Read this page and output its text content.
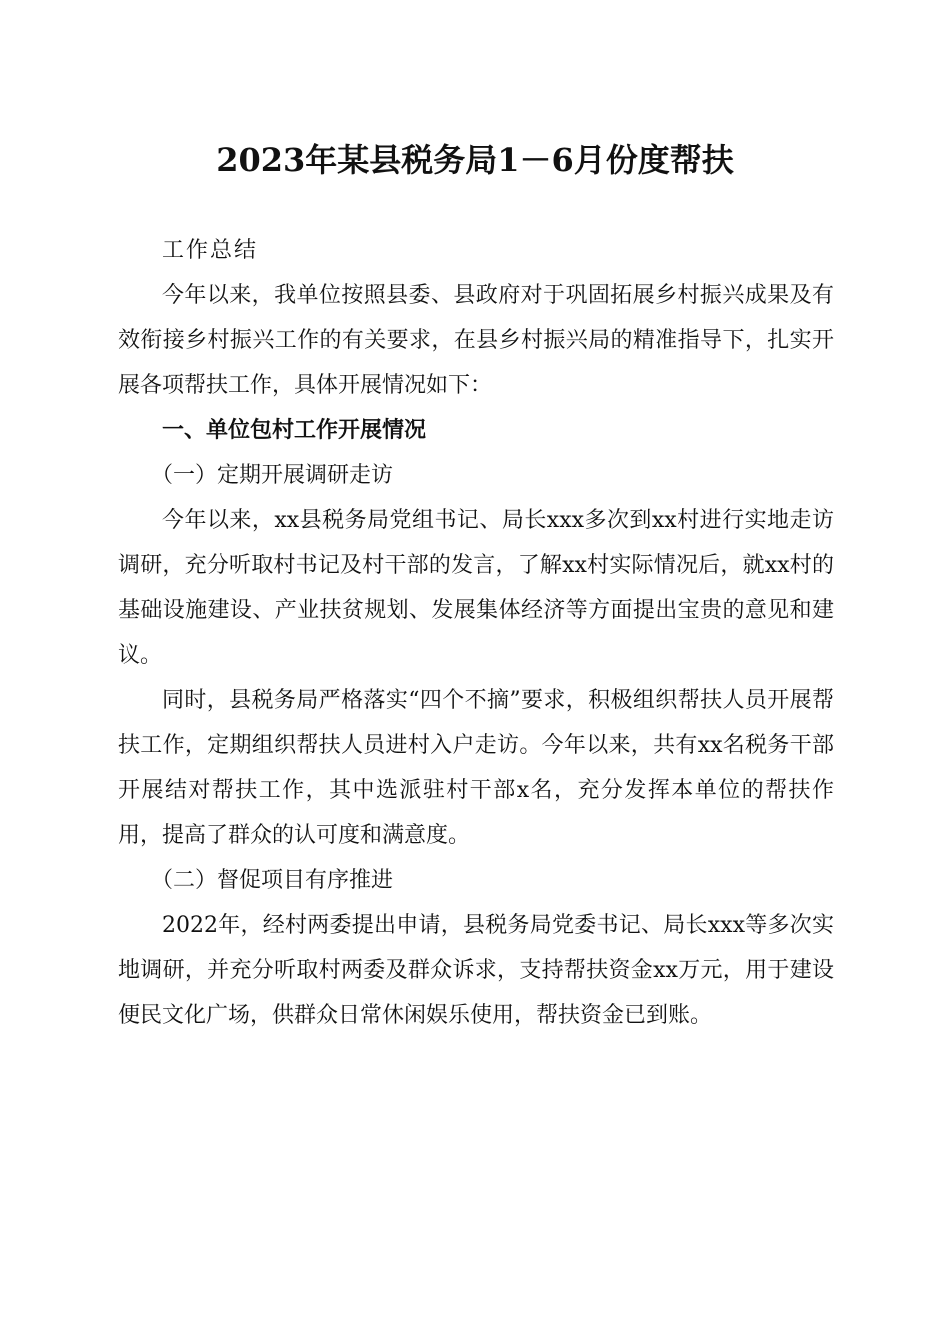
2023年某县税务局1－6月份度帮扶

工作总结

今年以来，我单位按照县委、县政府对于巩固拓展乡村振兴成果及有效衔接乡村振兴工作的有关要求，在县乡村振兴局的精准指导下，扎实开展各项帮扶工作，具体开展情况如下：

一、单位包村工作开展情况

（一）定期开展调研走访

今年以来，xx县税务局党组书记、局长xxx多次到xx村进行实地走访调研，充分听取村书记及村干部的发言，了解xx村实际情况后，就xx村的基础设施建设、产业扶贫规划、发展集体经济等方面提出宝贵的意见和建议。

同时，县税务局严格落实“四个不摘”要求，积极组织帮扶人员开展帮扶工作，定期组织帮扶人员进村入户走访。今年以来，共有xx名税务干部开展结对帮扶工作，其中选派驻村干部x名，充分发挥本单位的帮扶作用，提高了群众的认可度和满意度。

（二）督促项目有序推进

2022年，经村两委提出申请，县税务局党委书记、局长xxx等多次实地调研，并充分听取村两委及群众诉求，支持帮扶资金xx万元，用于建设便民文化广场，供群众日常休闲娱乐使用，帮扶资金已到账。
